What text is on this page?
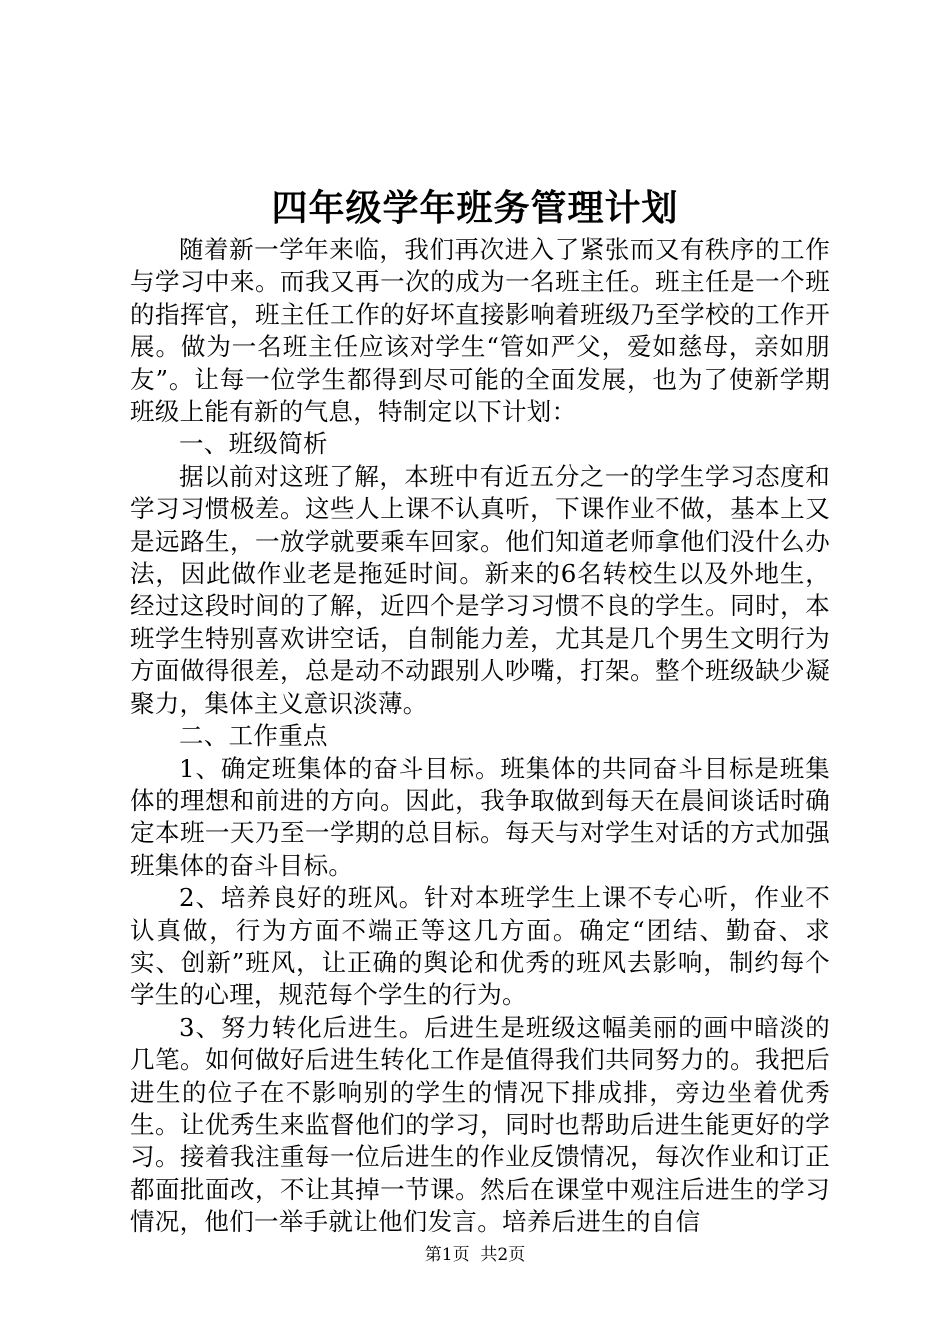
四年级学年班务管理计划

随着新一学年来临，我们再次进入了紧张而又有秩序的工作与学习中来。而我又再一次的成为一名班主任。班主任是一个班的指挥官，班主任工作的好坏直接影响着班级乃至学校的工作开展。做为一名班主任应该对学生“管如严父，爱如慈母，亲如朋友”。让每一位学生都得到尽可能的全面发展，也为了使新学期班级上能有新的气息，特制定以下计划：

一、班级简析

据以前对这班了解，本班中有近五分之一的学生学习态度和学习习惯极差。这些人上课不认真听，下课作业不做，基本上又是远路生，一放学就要乘车回家。他们知道老师拿他们没什么办法，因此做作业老是拖延时间。新来的6名转校生以及外地生，经过这段时间的了解，近四个是学习习惯不良的学生。同时，本班学生特别喜欢讲空话，自制能力差，尤其是几个男生文明行为方面做得很差，总是动不动跟别人吵嘴，打架。整个班级缺少凝聚力，集体主义意识淡薄。

二、工作重点

1、确定班集体的奋斗目标。班集体的共同奋斗目标是班集体的理想和前进的方向。因此，我争取做到每天在晨间谈话时确定本班一天乃至一学期的总目标。每天与对学生对话的方式加强班集体的奋斗目标。

2、培养良好的班风。针对本班学生上课不专心听，作业不认真做，行为方面不端正等这几方面。确定“团结、勤奋、求实、创新”班风，让正确的舆论和优秀的班风去影响，制约每个学生的心理，规范每个学生的行为。

3、努力转化后进生。后进生是班级这幅美丽的画中暗淡的几笔。如何做好后进生转化工作是值得我们共同努力的。我把后进生的位子在不影响别的学生的情况下排成排，旁边坐着优秀生。让优秀生来监督他们的学习，同时也帮助后进生能更好的学习。接着我注重每一位后进生的作业反馈情况，每次作业和订正都面批面改，不让其掉一节课。然后在课堂中观注后进生的学习情况，他们一举手就让他们发言。培养后进生的自信

第1页  共2页
